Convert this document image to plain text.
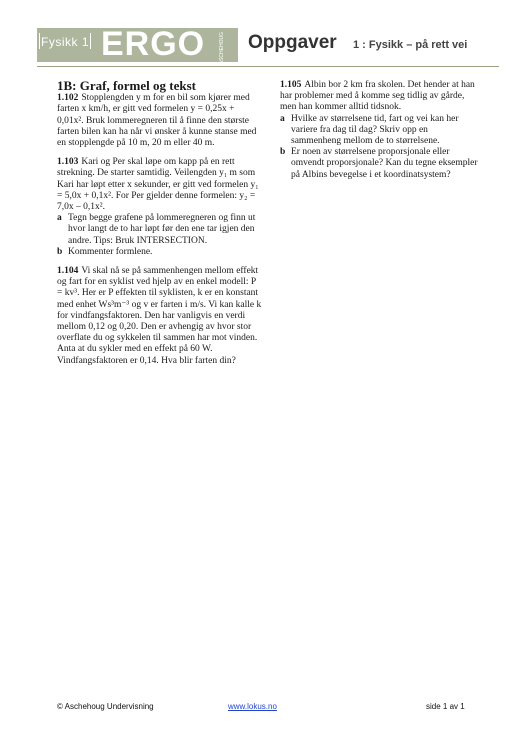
Fysikk 1 ERGO	ASCHEHOUG Oppgaver 1 : Fysikk – på rett vei
1B: Graf, formel og tekst
1.102 Stopplengden y m for en bil som kjører med farten x km/h, er gitt ved formelen y = 0,25x + 0,01x². Bruk lommeregneren til å finne den største farten bilen kan ha når vi ønsker å kunne stanse med en stopplengde på 10 m, 20 m eller 40 m.
1.103 Kari og Per skal løpe om kapp på en rett strekning. De starter samtidig. Veilengden y₁ m som Kari har løpt etter x sekunder, er gitt ved formelen y₁ = 5,0x + 0,1x². For Per gjelder denne formelen: y₂ = 7,0x – 0,1x².
a Tegn begge grafene på lommeregneren og finn ut hvor langt de to har løpt før den ene tar igjen den andre. Tips: Bruk INTERSECTION.
b Kommenter formlene.
1.104 Vi skal nå se på sammenhengen mellom effekt og fart for en syklist ved hjelp av en enkel modell: P = kv³. Her er P effekten til syklisten, k er en konstant med enhet Ws³m⁻³ og v er farten i m/s. Vi kan kalle k for vindfangsfaktoren. Den har vanligvis en verdi mellom 0,12 og 0,20. Den er avhengig av hvor stor overflate du og sykkelen til sammen har mot vinden. Anta at du sykler med en effekt på 60 W. Vindfangsfaktoren er 0,14. Hva blir farten din?
1.105 Albin bor 2 km fra skolen. Det hender at han har problemer med å komme seg tidlig av gårde, men han kommer alltid tidsnok.
a Hvilke av størrelsene tid, fart og vei kan her variere fra dag til dag? Skriv opp en sammenheng mellom de to størrelsene.
b Er noen av størrelsene proporsjonale eller omvendt proporsjonale? Kan du tegne eksempler på Albins bevegelse i et koordinatsystem?
© Aschehoug Undervisning	www.lokus.no	side 1 av 1
